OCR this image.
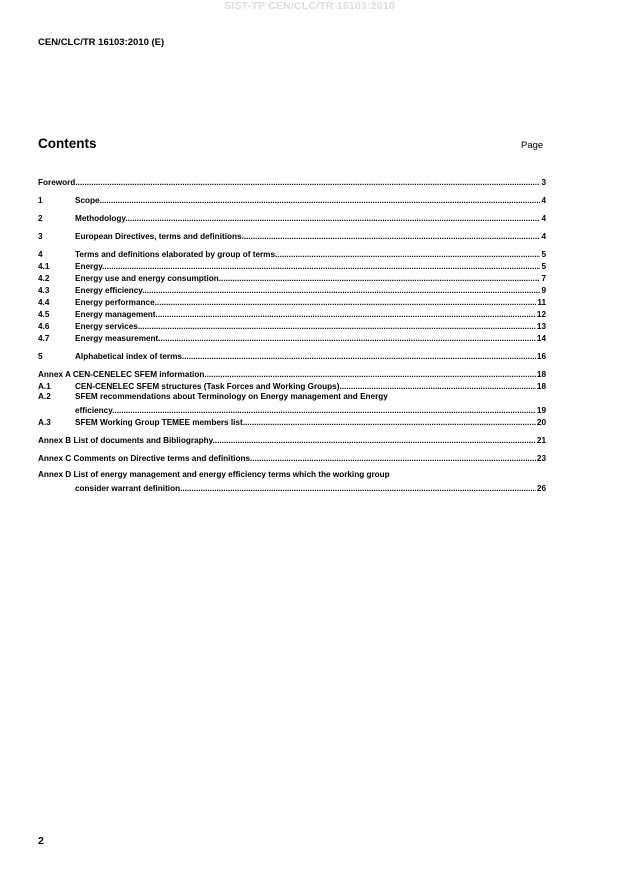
SIST-TP CEN/CLC/TR 16103:2010
CEN/CLC/TR 16103:2010 (E)
Contents	Page
Foreword .....	3
1	Scope .....	4
2	Methodology .....	4
3	European Directives, terms and definitions .....	4
4	Terms and definitions elaborated by group of terms .....	5
4.1	Energy .....	5
4.2	Energy use and energy consumption .....	7
4.3	Energy efficiency .....	9
4.4	Energy performance .....	11
4.5	Energy management .....	12
4.6	Energy services .....	13
4.7	Energy measurement .....	14
5	Alphabetical index of terms .....	16
Annex A CEN-CENELEC SFEM information .....	18
A.1	CEN-CENELEC SFEM structures (Task Forces and Working Groups) .....	18
A.2	SFEM recommendations about Terminology on Energy management and Energy
efficiency .....	19
A.3	SFEM Working Group TEMEE members list .....	20
Annex B List of documents and Bibliography .....	21
Annex C Comments on Directive terms and definitions .....	23
Annex D List of energy management and energy efficiency terms which the working group
consider warrant definition .....	26
2
